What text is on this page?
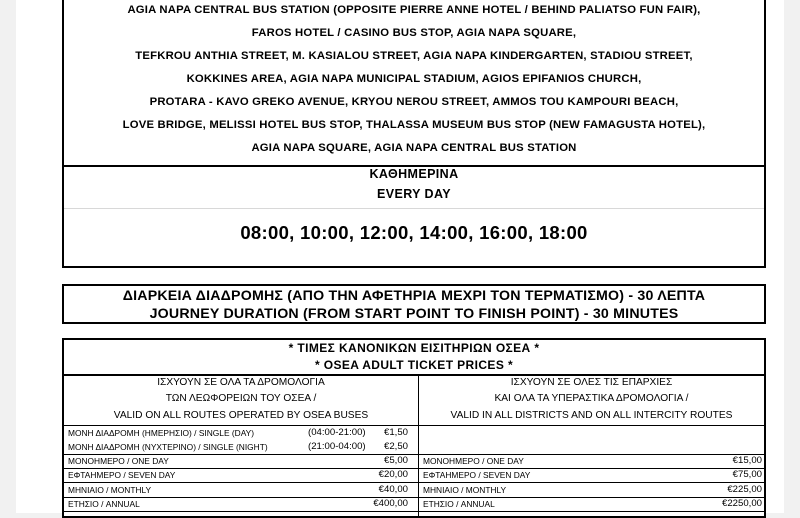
AGIA NAPA CENTRAL BUS STATION (OPPOSITE PIERRE ANNE HOTEL / BEHIND PALIATSO FUN FAIR),
FAROS HOTEL / CASINO BUS STOP, AGIA NAPA SQUARE,
TEFKROU ANTHIA STREET, M. KASIALOU STREET, AGIA NAPA KINDERGARTEN, STADIOU STREET,
KOKKINES AREA, AGIA NAPA MUNICIPAL STADIUM, AGIOS EPIFANIOS CHURCH,
PROTARA - KAVO GREKO AVENUE, KRYOU NEROU STREET, AMMOS TOU KAMPOURI BEACH,
LOVE BRIDGE, MELISSI HOTEL BUS STOP, THALASSA MUSEUM BUS STOP (NEW FAMAGUSTA HOTEL),
AGIA NAPA SQUARE, AGIA NAPA CENTRAL BUS STATION
ΚΑΘΗΜΕΡΙΝΑ
EVERY DAY
08:00, 10:00, 12:00, 14:00, 16:00, 18:00
ΔΙΑΡΚΕΙΑ ΔΙΑΔΡΟΜΗΣ (ΑΠΟ ΤΗΝ ΑΦΕΤΗΡΙΑ ΜΕΧΡΙ ΤΟΝ ΤΕΡΜΑΤΙΣΜΟ) - 30 ΛΕΠΤΑ
JOURNEY DURATION (FROM START POINT TO FINISH POINT) - 30 MINUTES
* ΤΙΜΕΣ ΚΑΝΟΝΙΚΩΝ ΕΙΣΙΤΗΡΙΩΝ ΟΣΕΑ *
* OSEA ADULT TICKET PRICES *
ΙΣΧΥΟΥΝ ΣΕ ΟΛΑ ΤΑ ΔΡΟΜΟΛΟΓΙΑ
ΤΩΝ ΛΕΩΦΟΡΕΙΩΝ ΤΟΥ ΟΣΕΑ /
VALID ON ALL ROUTES OPERATED BY OSEA BUSES
ΙΣΧΥΟΥΝ ΣΕ ΟΛΕΣ ΤΙΣ ΕΠΑΡΧΙΕΣ
ΚΑΙ ΟΛΑ ΤΑ ΥΠΕΡΑΣΤΙΚΑ ΔΡΟΜΟΛΟΓΙΑ /
VALID IN ALL DISTRICTS AND ON ALL INTERCITY ROUTES
ΜΟΝΗ ΔΙΑΔΡΟΜΗ (ΗΜΕΡΗΣΙΟ) / SINGLE (DAY)	(04:00-21:00) €1,50
ΜΟΝΗ ΔΙΑΔΡΟΜΗ (ΝΥΧΤΕΡΙΝΟ) / SINGLE (NIGHT)	(21:00-04:00) €2,50
ΜΟΝΟΗΜΕΡΟ / ONE DAY	€5,00
ΕΦΤΑΗΜΕΡΟ / SEVEN DAY	€20,00
ΜΗΝΙΑΙΟ / MONTHLY	€40,00
ΕΤΗΣΙΟ / ANNUAL	€400,00
ΜΟΝΟΗΜΕΡΟ / ONE DAY	€15,00
ΕΦΤΑΗΜΕΡΟ / SEVEN DAY	€75,00
ΜΗΝΙΑΙΟ / MONTHLY	€225,00
ΕΤΗΣΙΟ / ANNUAL	€2250,00
